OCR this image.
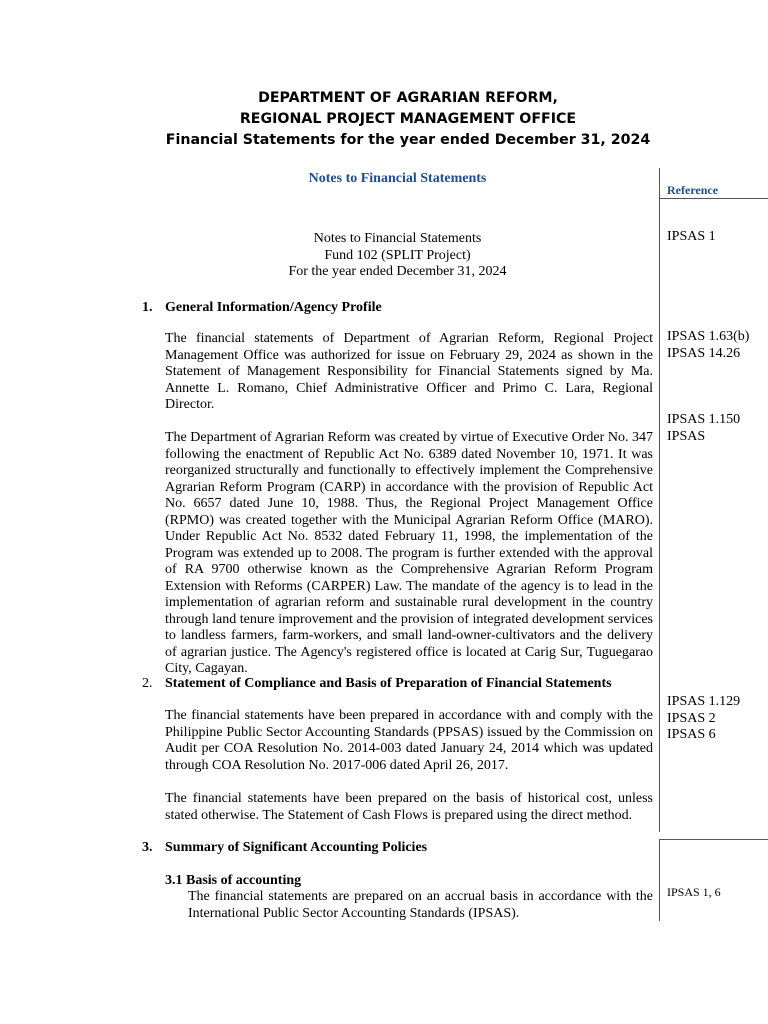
DEPARTMENT OF AGRARIAN REFORM,
REGIONAL PROJECT MANAGEMENT OFFICE
Financial Statements for the year ended December 31, 2024
Notes to Financial Statements
Reference
Notes to Financial Statements
Fund 102 (SPLIT Project)
For the year ended December 31, 2024
IPSAS 1
IPSAS 1.63(b)
IPSAS 14.26
IPSAS 1.150
IPSAS
IPSAS 1.129
IPSAS 2
IPSAS 6
IPSAS 1, 6
1. General Information/Agency Profile
The financial statements of Department of Agrarian Reform, Regional Project Management Office was authorized for issue on February 29, 2024 as shown in the Statement of Management Responsibility for Financial Statements signed by Ma. Annette L. Romano, Chief Administrative Officer and Primo C. Lara, Regional Director.
The Department of Agrarian Reform was created by virtue of Executive Order No. 347 following the enactment of Republic Act No. 6389 dated November 10, 1971. It was reorganized structurally and functionally to effectively implement the Comprehensive Agrarian Reform Program (CARP) in accordance with the provision of Republic Act No. 6657 dated June 10, 1988. Thus, the Regional Project Management Office (RPMO) was created together with the Municipal Agrarian Reform Office (MARO). Under Republic Act No. 8532 dated February 11, 1998, the implementation of the Program was extended up to 2008. The program is further extended with the approval of RA 9700 otherwise known as the Comprehensive Agrarian Reform Program Extension with Reforms (CARPER) Law. The mandate of the agency is to lead in the implementation of agrarian reform and sustainable rural development in the country through land tenure improvement and the provision of integrated development services to landless farmers, farm-workers, and small land-owner-cultivators and the delivery of agrarian justice. The Agency's registered office is located at Carig Sur, Tuguegarao City, Cagayan.
2. Statement of Compliance and Basis of Preparation of Financial Statements
The financial statements have been prepared in accordance with and comply with the Philippine Public Sector Accounting Standards (PPSAS) issued by the Commission on Audit per COA Resolution No. 2014-003 dated January 24, 2014 which was updated through COA Resolution No. 2017-006 dated April 26, 2017.
The financial statements have been prepared on the basis of historical cost, unless stated otherwise. The Statement of Cash Flows is prepared using the direct method.
3. Summary of Significant Accounting Policies
3.1 Basis of accounting
The financial statements are prepared on an accrual basis in accordance with the International Public Sector Accounting Standards (IPSAS).
